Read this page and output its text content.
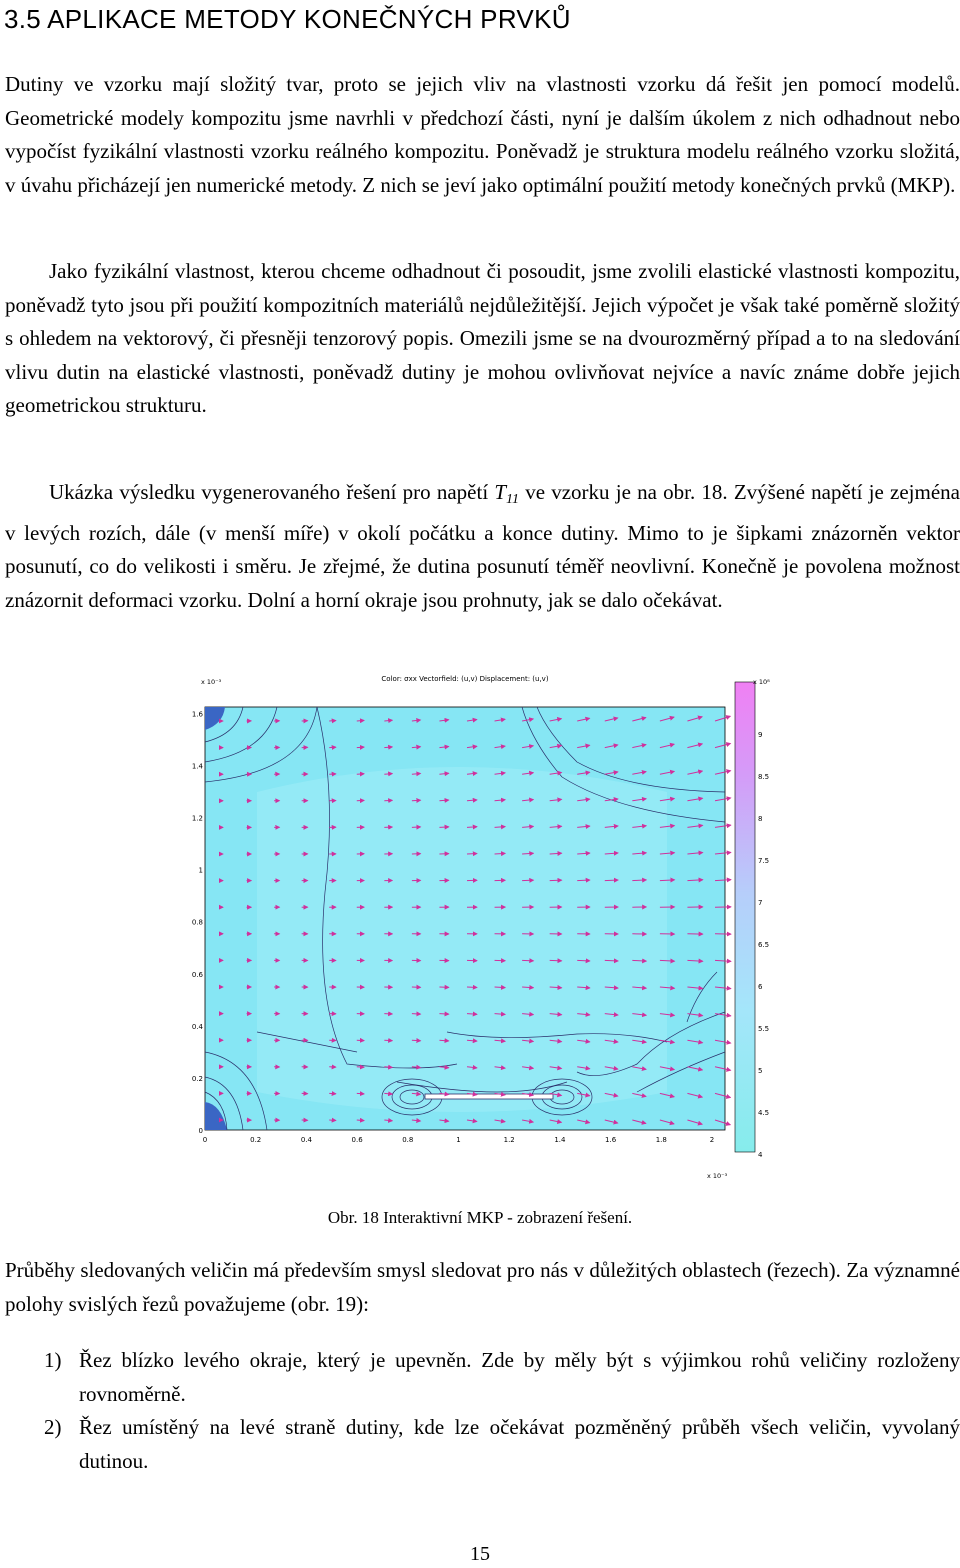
3.5 APLIKACE METODY KONEČNÝCH PRVKŮ

Dutiny ve vzorku mají složitý tvar, proto se jejich vliv na vlastnosti vzorku dá řešit jen pomocí modelů. Geometrické modely kompozitu jsme navrhli v předchozí části, nyní je dalším úkolem z nich odhadnout nebo vypočíst fyzikální vlastnosti vzorku reálného kompozitu. Poněvadž je struktura modelu reálného vzorku složitá, v úvahu přicházejí jen numerické metody. Z nich se jeví jako optimální použití metody konečných prvků (MKP).

Jako fyzikální vlastnost, kterou chceme odhadnout či posoudit, jsme zvolili elastické vlastnosti kompozitu, poněvadž tyto jsou při použití kompozitních materiálů nejdůležitější. Jejich výpočet je však také poměrně složitý s ohledem na vektorový, či přesněji tenzorový popis. Omezili jsme se na dvourozměrný případ a to na sledování vlivu dutin na elastické vlastnosti, poněvadž dutiny je mohou ovlivňovat nejvíce a navíc známe dobře jejich geometrickou strukturu.

Ukázka výsledku vygenerovaného řešení pro napětí $T_{11}$ ve vzorku je na obr. 18. Zvýšené napětí je zejména v levých rozích, dále (v menší míře) v okolí počátku a konce dutiny. Mimo to je šipkami znázorněn vektor posunutí, co do velikosti i směru. Je zřejmé, že dutina posunutí téměř neovlivní. Konečně je povolena možnost znázornit deformaci vzorku. Dolní a horní okraje jsou prohnuty, jak se dalo očekávat.

0	0.2	0.4	0.6	0.8	1	1.2	1.4	1.6	1.8	2
0
0.2
0.4
0.6
0.8
1
1.2
1.4
1.6
9
8.5
8
7.5
7
6.5
6
5.5
5
4.5
4
Color: σxx Vectorfield: (u,v) Displacement: (u,v)
x 10⁻³
x 10⁻³
x 10⁸
Obr. 18 Interaktivní MKP - zobrazení řešení.

Průběhy sledovaných veličin má především smysl sledovat pro nás v důležitých oblastech (řezech). Za významné polohy svislých řezů považujeme (obr. 19):

1) Řez blízko levého okraje, který je upevněn. Zde by měly být s výjimkou rohů veličiny rozloženy rovnoměrně.
2) Řez umístěný na levé straně dutiny, kde lze očekávat pozměněný průběh všech veličin, vyvolaný dutinou.
15
